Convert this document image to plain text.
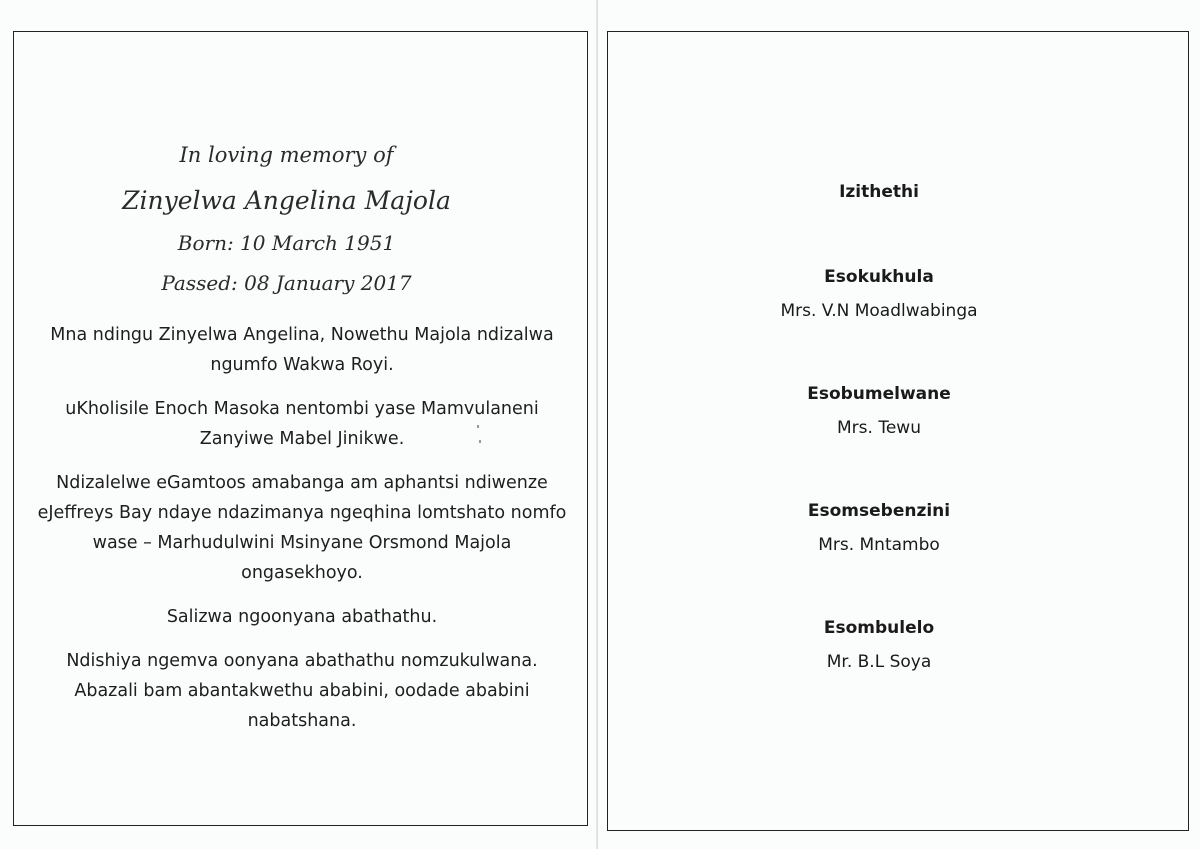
In loving memory of
Zinyelwa Angelina Majola
Born: 10 March 1951
Passed: 08 January 2017

Mna ndingu Zinyelwa Angelina, Nowethu Majola ndizalwa ngumfo Wakwa Royi.

uKholisile Enoch Masoka nentombi yase Mamvulaneni Zanyiwe Mabel Jinikwe.

Ndizalelwe eGamtoos amabanga am aphantsi ndiwenze eJeffreys Bay ndaye ndazimanya ngeqhina lomtshato nomfo wase – Marhudulwini Msinyane Orsmond Majola ongasekhoyo.

Salizwa ngoonyana abathathu.

Ndishiya ngemva oonyana abathathu nomzukulwana. Abazali bam abantakwethu ababini, oodade ababini nabatshana.

Izithethi
Esokukhula
Mrs. V.N Moadlwabinga
Esobumelwane
Mrs. Tewu
Esomsebenzini
Mrs. Mntambo
Esombulelo
Mr. B.L Soya
